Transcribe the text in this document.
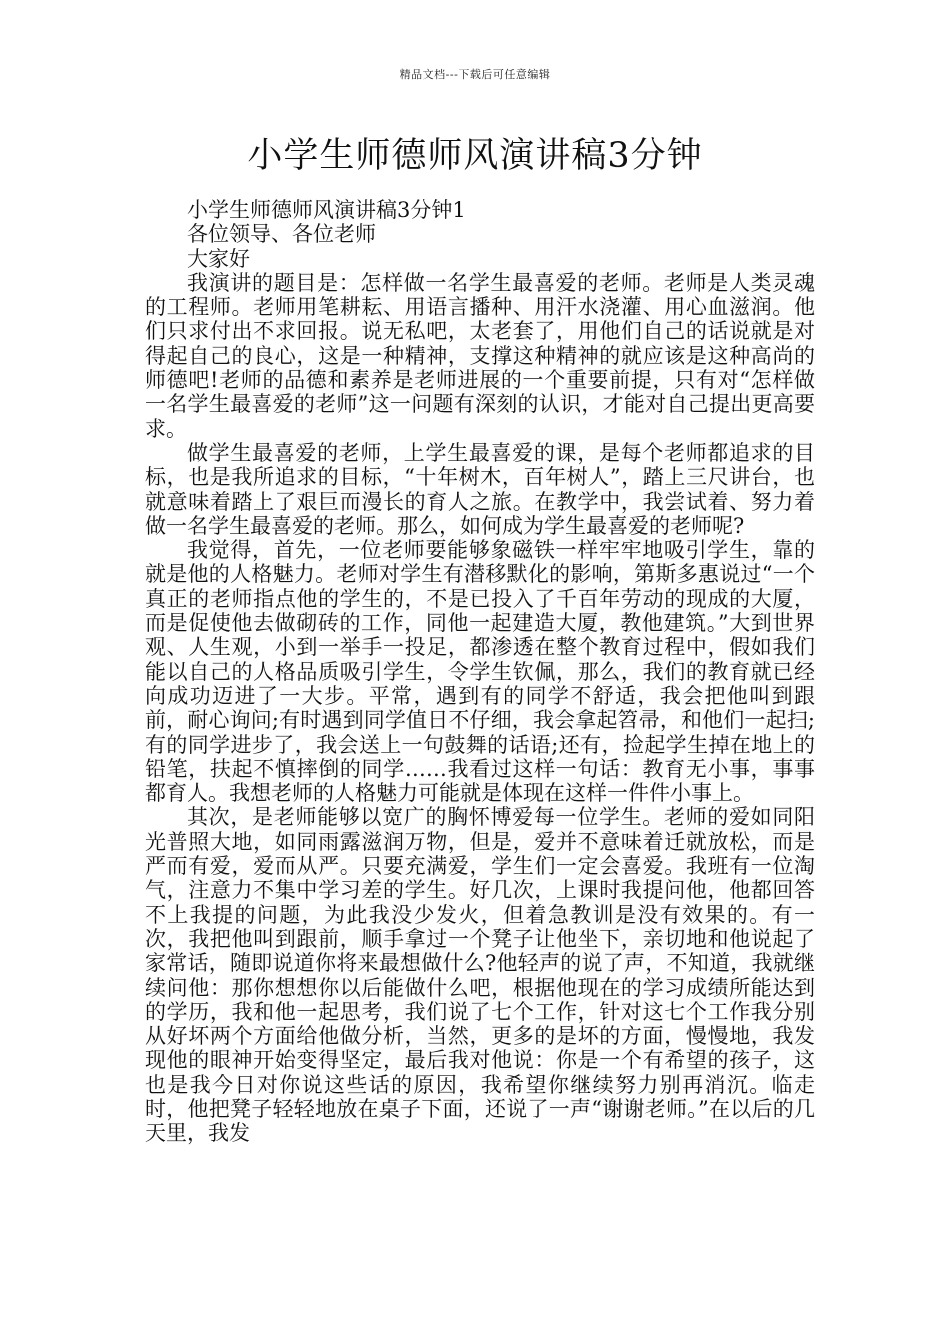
精品文档---下载后可任意编辑
小学生师德师风演讲稿3分钟

小学生师德师风演讲稿3分钟1

各位领导、各位老师

大家好

我演讲的题目是：怎样做一名学生最喜爱的老师。老师是人类灵魂的工程师。老师用笔耕耘、用语言播种、用汗水浇灌、用心血滋润。他们只求付出不求回报。说无私吧，太老套了，用他们自己的话说就是对得起自己的良心，这是一种精神，支撑这种精神的就应该是这种高尚的师德吧!老师的品德和素养是老师进展的一个重要前提，只有对“怎样做一名学生最喜爱的老师”这一问题有深刻的认识，才能对自己提出更高要求。

做学生最喜爱的老师，上学生最喜爱的课，是每个老师都追求的目标，也是我所追求的目标，“十年树木，百年树人”，踏上三尺讲台，也就意味着踏上了艰巨而漫长的育人之旅。在教学中，我尝试着、努力着做一名学生最喜爱的老师。那么，如何成为学生最喜爱的老师呢?

我觉得，首先，一位老师要能够象磁铁一样牢牢地吸引学生，靠的就是他的人格魅力。老师对学生有潜移默化的影响，第斯多惠说过“一个真正的老师指点他的学生的，不是已投入了千百年劳动的现成的大厦，而是促使他去做砌砖的工作，同他一起建造大厦，教他建筑。”大到世界观、人生观，小到一举手一投足，都渗透在整个教育过程中，假如我们能以自己的人格品质吸引学生，令学生钦佩，那么，我们的教育就已经向成功迈进了一大步。平常，遇到有的同学不舒适，我会把他叫到跟前，耐心询问;有时遇到同学值日不仔细，我会拿起笤帚，和他们一起扫;有的同学进步了，我会送上一句鼓舞的话语;还有，捡起学生掉在地上的铅笔，扶起不慎摔倒的同学……我看过这样一句话：教育无小事，事事都育人。我想老师的人格魅力可能就是体现在这样一件件小事上。

其次，是老师能够以宽广的胸怀博爱每一位学生。老师的爱如同阳光普照大地，如同雨露滋润万物，但是，爱并不意味着迁就放松，而是严而有爱，爱而从严。只要充满爱，学生们一定会喜爱。我班有一位淘气，注意力不集中学习差的学生。好几次，上课时我提问他，他都回答不上我提的问题，为此我没少发火，但着急教训是没有效果的。有一次，我把他叫到跟前，顺手拿过一个凳子让他坐下，亲切地和他说起了家常话，随即说道你将来最想做什么?他轻声的说了声，不知道，我就继续问他：那你想想你以后能做什么吧，根据他现在的学习成绩所能达到的学历，我和他一起思考，我们说了七个工作，针对这七个工作我分别从好坏两个方面给他做分析，当然，更多的是坏的方面，慢慢地，我发现他的眼神开始变得坚定，最后我对他说：你是一个有希望的孩子，这也是我今日对你说这些话的原因，我希望你继续努力别再消沉。临走时，他把凳子轻轻地放在桌子下面，还说了一声“谢谢老师。”在以后的几天里，我发
